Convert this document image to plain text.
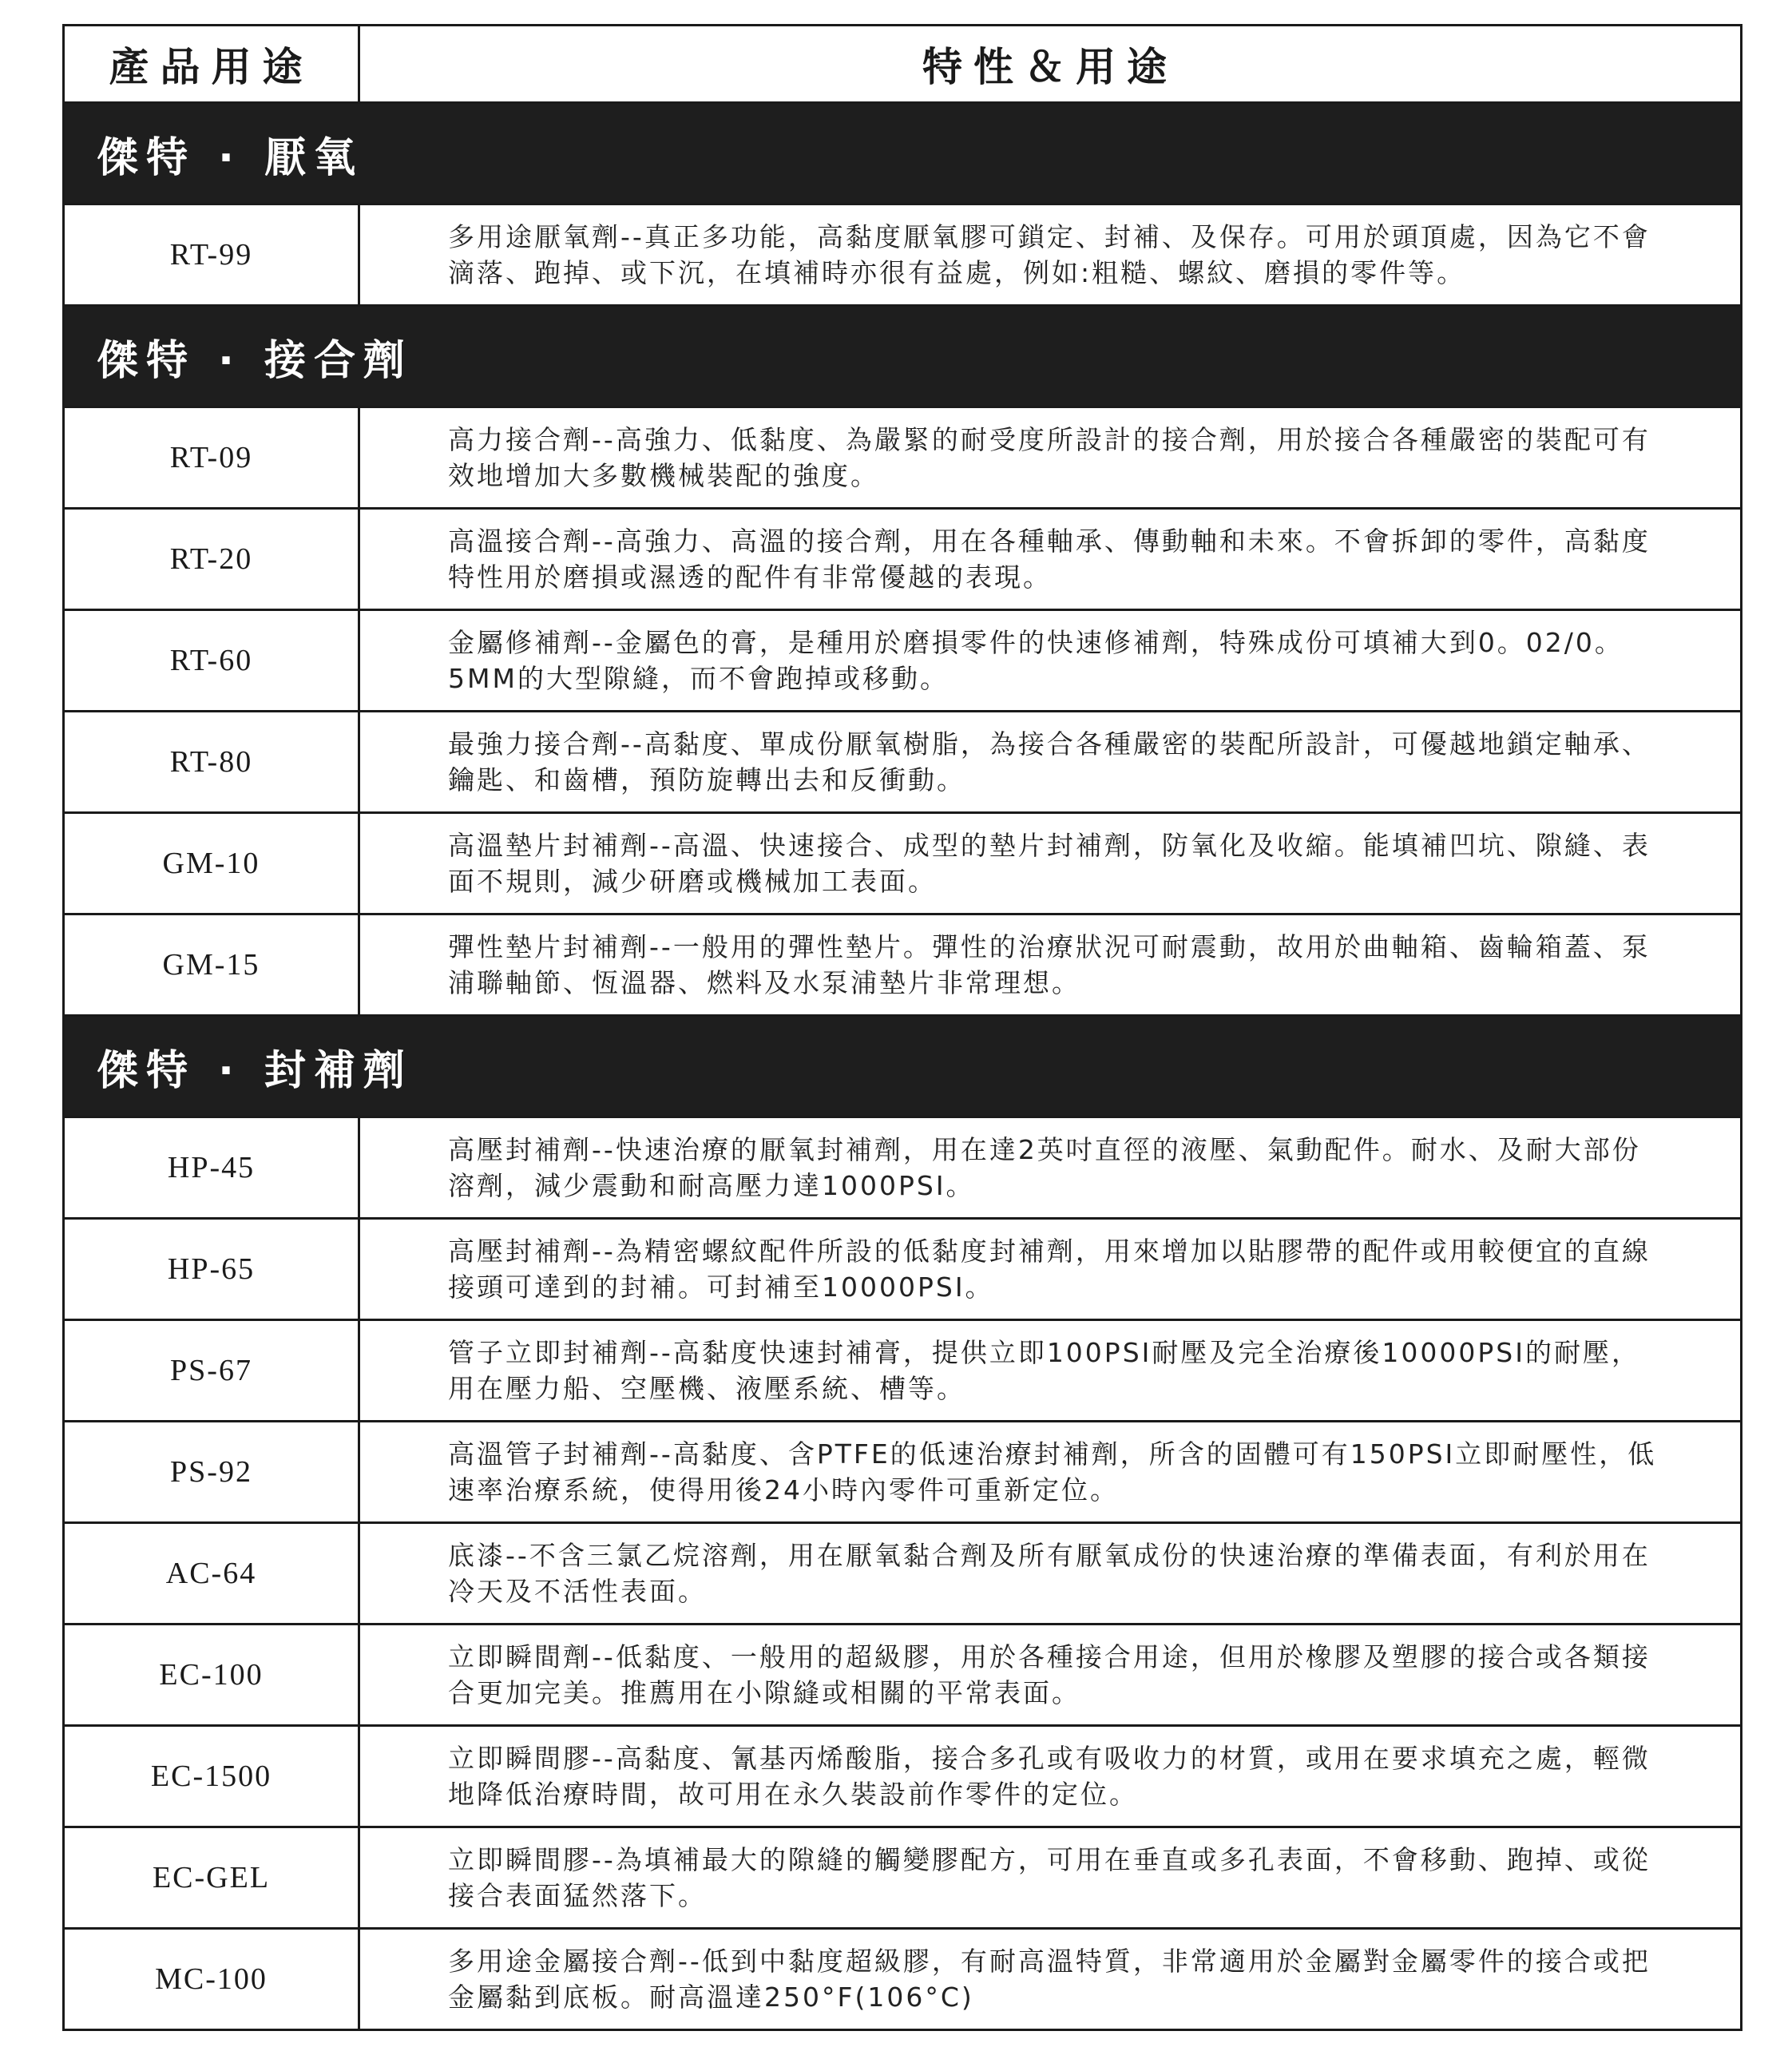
產品用途	特性＆用途
傑特 · 厭氧
RT-99
多用途厭氧劑--真正多功能，高黏度厭氧膠可鎖定、封補、及保存。可用於頭頂處，因為它不會滴落、跑掉、或下沉，在填補時亦很有益處，例如:粗糙、螺紋、磨損的零件等。
傑特 · 接合劑
RT-09
高力接合劑--高強力、低黏度、為嚴緊的耐受度所設計的接合劑，用於接合各種嚴密的裝配可有效地增加大多數機械裝配的強度。
RT-20
高溫接合劑--高強力、高溫的接合劑，用在各種軸承、傳動軸和未來。不會拆卸的零件，高黏度特性用於磨損或濕透的配件有非常優越的表現。
RT-60
金屬修補劑--金屬色的膏，是種用於磨損零件的快速修補劑，特殊成份可填補大到0。02/0。5MM的大型隙縫，而不會跑掉或移動。
RT-80
最強力接合劑--高黏度、單成份厭氧樹脂，為接合各種嚴密的裝配所設計，可優越地鎖定軸承、鑰匙、和齒槽，預防旋轉出去和反衝動。
GM-10
高溫墊片封補劑--高溫、快速接合、成型的墊片封補劑，防氧化及收縮。能填補凹坑、隙縫、表面不規則，減少研磨或機械加工表面。
GM-15
彈性墊片封補劑--一般用的彈性墊片。彈性的治療狀況可耐震動，故用於曲軸箱、齒輪箱蓋、泵浦聯軸節、恆溫器、燃料及水泵浦墊片非常理想。
傑特 · 封補劑
HP-45
高壓封補劑--快速治療的厭氧封補劑，用在達2英吋直徑的液壓、氣動配件。耐水、及耐大部份溶劑，減少震動和耐高壓力達1000PSI。
HP-65
高壓封補劑--為精密螺紋配件所設的低黏度封補劑，用來增加以貼膠帶的配件或用較便宜的直線接頭可達到的封補。可封補至10000PSI。
PS-67
管子立即封補劑--高黏度快速封補膏，提供立即100PSI耐壓及完全治療後10000PSI的耐壓，用在壓力船、空壓機、液壓系統、槽等。
PS-92
高溫管子封補劑--高黏度、含PTFE的低速治療封補劑，所含的固體可有150PSI立即耐壓性，低速率治療系統，使得用後24小時內零件可重新定位。
AC-64
底漆--不含三氯乙烷溶劑，用在厭氧黏合劑及所有厭氧成份的快速治療的準備表面，有利於用在冷天及不活性表面。
EC-100
立即瞬間劑--低黏度、一般用的超級膠，用於各種接合用途，但用於橡膠及塑膠的接合或各類接合更加完美。推薦用在小隙縫或相關的平常表面。
EC-1500
立即瞬間膠--高黏度、氰基丙烯酸脂，接合多孔或有吸收力的材質，或用在要求填充之處，輕微地降低治療時間，故可用在永久裝設前作零件的定位。
EC-GEL
立即瞬間膠--為填補最大的隙縫的觸變膠配方，可用在垂直或多孔表面，不會移動、跑掉、或從接合表面猛然落下。
MC-100
多用途金屬接合劑--低到中黏度超級膠，有耐高溫特質，非常適用於金屬對金屬零件的接合或把金屬黏到底板。耐高溫達250°F(106°C)
